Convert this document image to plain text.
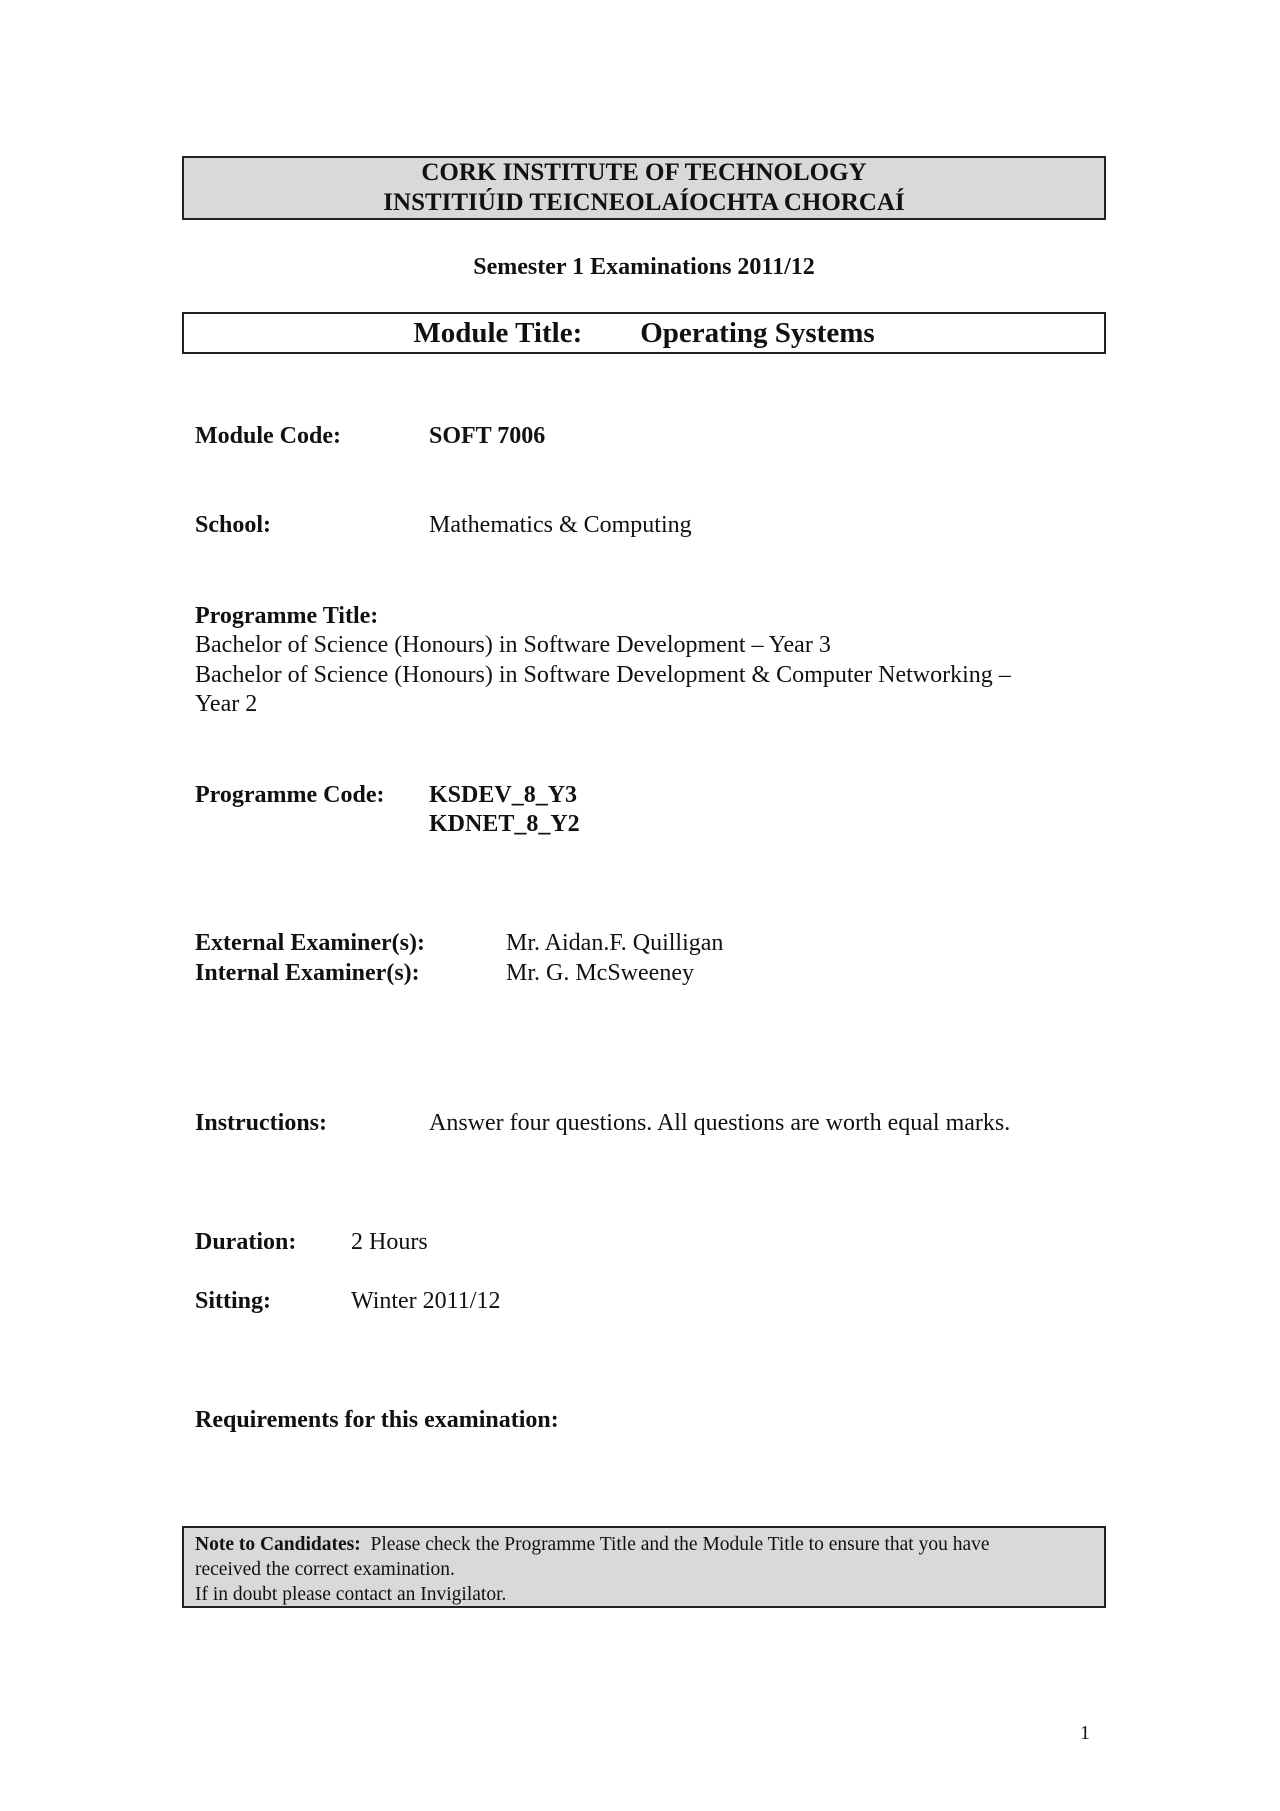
CORK INSTITUTE OF TECHNOLOGY
INSTITIÚID TEICNEOLAÍOCHTA CHORCAÍ
Semester 1 Examinations 2011/12
Module Title: Operating Systems
Module Code:	SOFT 7006
School:	Mathematics & Computing
Programme Title:
Bachelor of Science (Honours) in Software Development – Year 3
Bachelor of Science (Honours) in Software Development & Computer Networking –
Year 2
Programme Code: KSDEV_8_Y3
KDNET_8_Y2
External Examiner(s):	Mr. Aidan.F. Quilligan
Internal Examiner(s):	Mr. G. McSweeney
Instructions:	Answer four questions. All questions are worth equal marks.
Duration: 2 Hours
Sitting:	Winter 2011/12
Requirements for this examination:
Note to Candidates: Please check the Programme Title and the Module Title to ensure that you have
received the correct examination.
If in doubt please contact an Invigilator.
1
